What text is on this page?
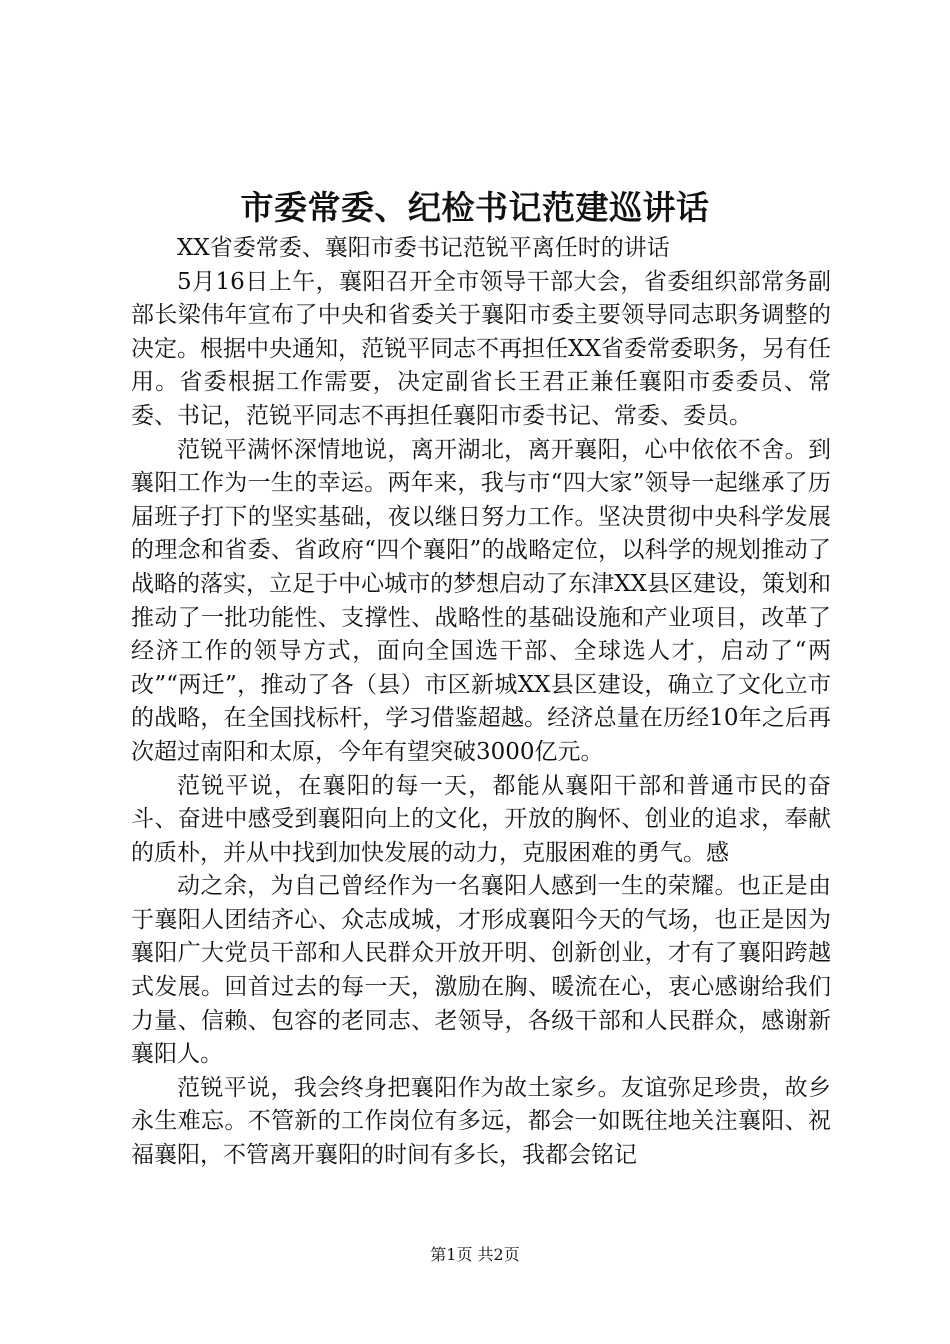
市委常委、纪检书记范建巡讲话

XX省委常委、襄阳市委书记范锐平离任时的讲话

5月16日上午，襄阳召开全市领导干部大会，省委组织部常务副部长梁伟年宣布了中央和省委关于襄阳市委主要领导同志职务调整的决定。根据中央通知，范锐平同志不再担任XX省委常委职务，另有任用。省委根据工作需要，决定副省长王君正兼任襄阳市委委员、常委、书记，范锐平同志不再担任襄阳市委书记、常委、委员。

范锐平满怀深情地说，离开湖北，离开襄阳，心中依依不舍。到襄阳工作为一生的幸运。两年来，我与市“四大家”领导一起继承了历届班子打下的坚实基础，夜以继日努力工作。坚决贯彻中央科学发展的理念和省委、省政府“四个襄阳”的战略定位，以科学的规划推动了战略的落实，立足于中心城市的梦想启动了东津XX县区建设，策划和推动了一批功能性、支撑性、战略性的基础设施和产业项目，改革了经济工作的领导方式，面向全国选干部、全球选人才，启动了“两改”“两迁”，推动了各（县）市区新城XX县区建设，确立了文化立市的战略，在全国找标杆，学习借鉴超越。经济总量在历经10年之后再次超过南阳和太原，今年有望突破3000亿元。

范锐平说，在襄阳的每一天，都能从襄阳干部和普通市民的奋斗、奋进中感受到襄阳向上的文化，开放的胸怀、创业的追求，奉献的质朴，并从中找到加快发展的动力，克服困难的勇气。感

动之余，为自己曾经作为一名襄阳人感到一生的荣耀。也正是由于襄阳人团结齐心、众志成城，才形成襄阳今天的气场，也正是因为襄阳广大党员干部和人民群众开放开明、创新创业，才有了襄阳跨越式发展。回首过去的每一天，激励在胸、暖流在心，衷心感谢给我们力量、信赖、包容的老同志、老领导，各级干部和人民群众，感谢新襄阳人。

范锐平说，我会终身把襄阳作为故土家乡。友谊弥足珍贵，故乡永生难忘。不管新的工作岗位有多远，都会一如既往地关注襄阳、祝福襄阳，不管离开襄阳的时间有多长，我都会铭记

第1页 共2页
